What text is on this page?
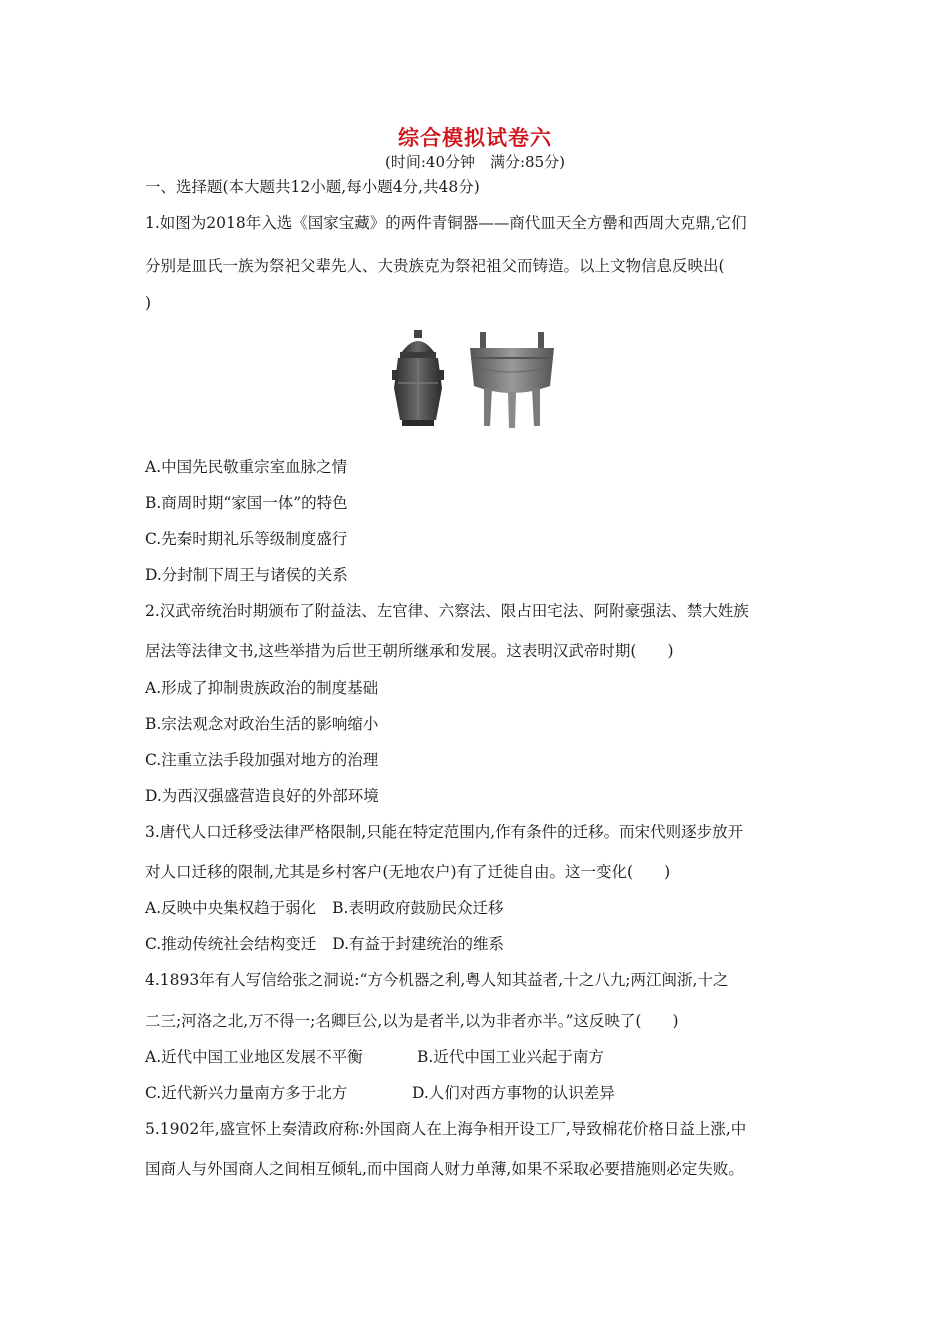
综合模拟试卷六
(时间:40分钟　满分:85分)
一、选择题(本大题共12小题,每小题4分,共48分)
1.如图为2018年入选《国家宝藏》的两件青铜器——商代皿天全方罍和西周大克鼎,它们
分别是皿氏一族为祭祀父辈先人、大贵族克为祭祀祖父而铸造。以上文物信息反映出(
)
A.中国先民敬重宗室血脉之情
B.商周时期“家国一体”的特色
C.先秦时期礼乐等级制度盛行
D.分封制下周王与诸侯的关系
2.汉武帝统治时期颁布了附益法、左官律、六察法、限占田宅法、阿附豪强法、禁大姓族
居法等法律文书,这些举措为后世王朝所继承和发展。这表明汉武帝时期(　　)
A.形成了抑制贵族政治的制度基础
B.宗法观念对政治生活的影响缩小
C.注重立法手段加强对地方的治理
D.为西汉强盛营造良好的外部环境
3.唐代人口迁移受法律严格限制,只能在特定范围内,作有条件的迁移。而宋代则逐步放开
对人口迁移的限制,尤其是乡村客户(无地农户)有了迁徙自由。这一变化(　　)
A.反映中央集权趋于弱化 B.表明政府鼓励民众迁移
C.推动传统社会结构变迁 D.有益于封建统治的维系
4.1893年有人写信给张之洞说:“方今机器之利,粤人知其益者,十之八九;两江闽浙,十之
二三;河洛之北,万不得一;名卿巨公,以为是者半,以为非者亦半。”这反映了(　　)
A.近代中国工业地区发展不平衡	B.近代中国工业兴起于南方
C.近代新兴力量南方多于北方	D.人们对西方事物的认识差异
5.1902年,盛宣怀上奏清政府称:外国商人在上海争相开设工厂,导致棉花价格日益上涨,中
国商人与外国商人之间相互倾轧,而中国商人财力单薄,如果不采取必要措施则必定失败。
